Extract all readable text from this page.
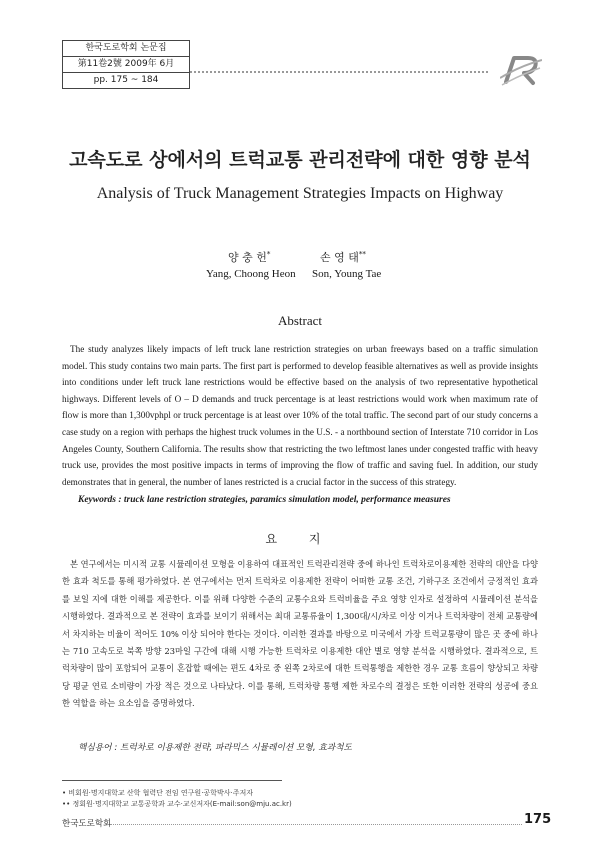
한국도로학회 논문집
第11卷2號 2009年 6月
pp. 175 ~ 184
고속도로 상에서의 트럭교통 관리전략에 대한 영향 분석
Analysis of Truck Management Strategies Impacts on Highway
양 충 헌*	손 영 태**
Yang, Choong Heon Son, Young Tae
Abstract

The study analyzes likely impacts of left truck lane restriction strategies on urban freeways based on a traffic simulation model. This study contains two main parts. The first part is performed to develop feasible alternatives as well as provide insights into conditions under left truck lane restrictions would be effective based on the analysis of two representative hypothetical highways. Different levels of O – D demands and truck percentage is at least restrictions would work when maximum rate of flow is more than 1,300vphpl or truck percentage is at least over 10% of the total traffic. The second part of our study concerns a case study on a region with perhaps the highest truck volumes in the U.S. - a northbound section of Interstate 710 corridor in Los Angeles County, Southern California. The results show that restricting the two leftmost lanes under congested traffic with heavy truck use, provides the most positive impacts in terms of improving the flow of traffic and saving fuel. In addition, our study demonstrates that in general, the number of lanes restricted is a crucial factor in the success of this strategy.

Keywords : truck lane restriction strategies, paramics simulation model, performance measures
요 지

본 연구에서는 미시적 교통 시뮬레이션 모형을 이용하여 대표적인 트럭관리전략 중에 하나인 트럭차로이용제한 전략의 대안을 다양한 효과 척도를 통해 평가하였다. 본 연구에서는 먼저 트럭차로 이용제한 전략이 어떠한 교통 조건, 기하구조 조건에서 긍정적인 효과를 보일 지에 대한 이해를 제공한다. 이를 위해 다양한 수준의 교통수요와 트럭비율을 주요 영향 인자로 설정하여 시뮬레이션 분석을 시행하였다. 결과적으로 본 전략이 효과를 보이기 위해서는 최대 교통류율이 1,300대/시/차로 이상 이거나 트럭차량이 전체 교통량에서 차지하는 비율이 적어도 10% 이상 되어야 한다는 것이다. 이러한 결과를 바탕으로 미국에서 가장 트럭교통량이 많은 곳 중에 하나는 710 고속도로 북쪽 방향 23마일 구간에 대해 시행 가능한 트럭차로 이용제한 대안 별로 영향 분석을 시행하였다. 결과적으로, 트럭차량이 많이 포함되어 교통이 혼잡할 때에는 편도 4차로 중 왼쪽 2차로에 대한 트럭통행을 제한한 경우 교통 흐름이 향상되고 차량 당 평균 연료 소비량이 가장 적은 것으로 나타났다. 이를 통해, 트럭차량 통행 제한 차로수의 결정은 또한 이러한 전략의 성공에 중요한 역할을 하는 요소임을 증명하였다.

핵심용어 : 트럭차로 이용제한 전략, 파라믹스 시뮬레이션 모형, 효과척도
• 비회원·명지대학교 산학 협력단 전임 연구원·공학박사·주저자
•• 정회원·명지대학교 교통공학과 교수·교신저자(E-mail:son@mju.ac.kr)
한국도로학회	175
